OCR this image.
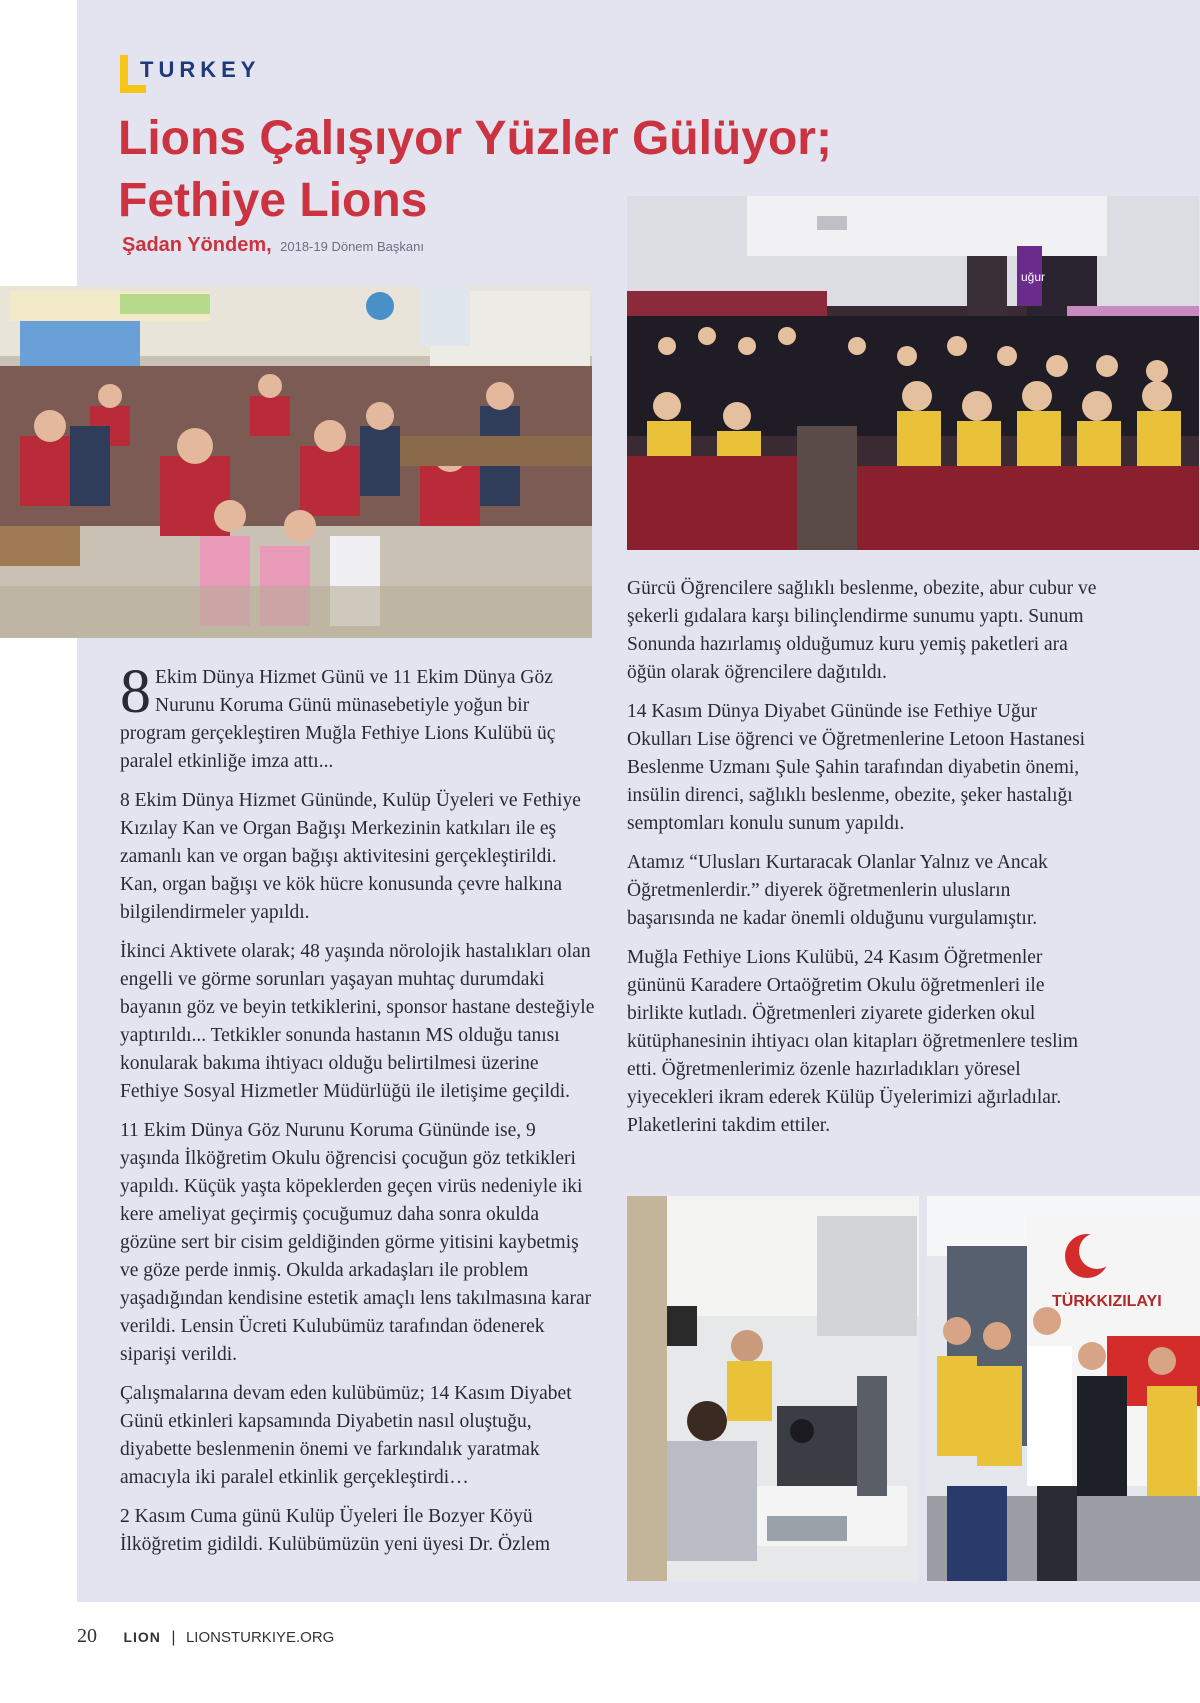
TURKEY
Lions Çalışıyor Yüzler Gülüyor;
Fethiye Lions
Şadan Yöndem, 2018-19 Dönem Başkanı
uğur

8 Ekim Dünya Hizmet Günü ve 11 Ekim Dünya Göz Nurunu Koruma Günü münasebetiyle yoğun bir program gerçekleştiren Muğla Fethiye Lions Kulübü üç paralel etkinliğe imza attı...

8 Ekim Dünya Hizmet Gününde, Kulüp Üyeleri ve Fethiye Kızılay Kan ve Organ Bağışı Merkezinin katkıları ile eş zamanlı kan ve organ bağışı aktivitesini gerçekleştirildi. Kan, organ bağışı ve kök hücre konusunda çevre halkına bilgilendirmeler yapıldı.

İkinci Aktivete olarak; 48 yaşında nörolojik hastalıkları olan engelli ve görme sorunları yaşayan muhtaç durumdaki bayanın göz ve beyin tetkiklerini, sponsor hastane desteğiyle yaptırıldı... Tetkikler sonunda hastanın MS olduğu tanısı konularak bakıma ihtiyacı olduğu belirtilmesi üzerine Fethiye Sosyal Hizmetler Müdürlüğü ile iletişime geçildi.

11 Ekim Dünya Göz Nurunu Koruma Gününde ise, 9 yaşında İlköğretim Okulu öğrencisi çocuğun göz tetkikleri yapıldı. Küçük yaşta köpeklerden geçen virüs nedeniyle iki kere ameliyat geçirmiş çocuğumuz daha sonra okulda gözüne sert bir cisim geldiğinden görme yitisini kaybetmiş ve göze perde inmiş. Okulda arkadaşları ile problem yaşadığından kendisine estetik amaçlı lens takılmasına karar verildi. Lensin Ücreti Kulubümüz tarafından ödenerek siparişi verildi.

Çalışmalarına devam eden kulübümüz; 14 Kasım Diyabet Günü etkinleri kapsamında Diyabetin nasıl oluştuğu, diyabette beslenmenin önemi ve farkındalık yaratmak amacıyla iki paralel etkinlik gerçekleştirdi…

2 Kasım Cuma günü Kulüp Üyeleri İle Bozyer Köyü İlköğretim gidildi. Kulübümüzün yeni üyesi Dr. Özlem

Gürcü Öğrencilere sağlıklı beslenme, obezite, abur cubur ve şekerli gıdalara karşı bilinçlendirme sunumu yaptı. Sunum Sonunda hazırlamış olduğumuz kuru yemiş paketleri ara öğün olarak öğrencilere dağıtıldı.

14 Kasım Dünya Diyabet Gününde ise Fethiye Uğur Okulları Lise öğrenci ve Öğretmenlerine Letoon Hastanesi Beslenme Uzmanı Şule Şahin tarafından diyabetin önemi, insülin direnci, sağlıklı beslenme, obezite, şeker hastalığı semptomları konulu sunum yapıldı.

Atamız “Ulusları Kurtaracak Olanlar Yalnız ve Ancak Öğretmenlerdir.” diyerek öğretmenlerin ulusların başarısında ne kadar önemli olduğunu vurgulamıştır.

Muğla Fethiye Lions Kulübü, 24 Kasım Öğretmenler gününü Karadere Ortaöğretim Okulu öğretmenleri ile birlikte kutladı. Öğretmenleri ziyarete giderken okul kütüphanesinin ihtiyacı olan kitapları öğretmenlere teslim etti. Öğretmenlerimiz özenle hazırladıkları yöresel yiyecekleri ikram ederek Külüp Üyelerimizi ağırladılar. Plaketlerini takdim ettiler.

TÜRKKIZILAYI
20 LION | LIONSTURKIYE.ORG
